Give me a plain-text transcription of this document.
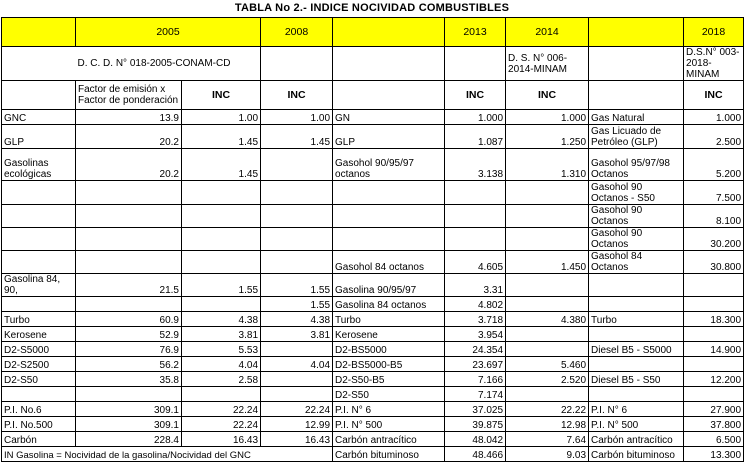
TABLA No 2.- INDICE NOCIVIDAD COMBUSTIBLES
	2005		2008		2013	2014		2018
	D. C. D. N° 018-2005-CONAM-CD					D. S. N° 006-2014-MINAM		D.S.N° 003-2018-MINAM
	Factor de emisión x Factor de ponderación	INC	INC		INC	INC		INC
GNC	13.9	1.00	1.00	GN	1.000	1.000	Gas Natural	1.000
GLP	20.2	1.45	1.45	GLP	1.087	1.250	Gas Licuado de Petróleo (GLP)	2.500
Gasolinas ecológicas	20.2	1.45		Gasohol 90/95/97 octanos	3.138	1.310	Gasohol 95/97/98 Octanos	5.200
							Gasohol 90 Octanos - S50	7.500
							Gasohol 90 Octanos	8.100
							Gasohol 90 Octanos	30.200
				Gasohol 84 octanos	4.605	1.450	Gasohol 84 Octanos	30.800
Gasolina 84, 90,	21.5	1.55	1.55	Gasolina 90/95/97	3.31			
			1.55	Gasolina 84 octanos	4.802			
Turbo	60.9	4.38	4.38	Turbo	3.718	4.380	Turbo	18.300
Kerosene	52.9	3.81	3.81	Kerosene	3.954			
D2-S5000	76.9	5.53		D2-BS5000	24.354		Diesel B5 - S5000	14.900
D2-S2500	56.2	4.04	4.04	D2-BS5000-B5	23.697	5.460		
D2-S50	35.8	2.58		D2-S50-B5	7.166	2.520	Diesel B5 - S50	12.200
				D2-S50	7.174			
P.I. No.6	309.1	22.24	22.24	P.I. N° 6	37.025	22.22	P.I. N° 6	27.900
P.I. No.500	309.1	22.24	12.99	P.I. N° 500	39.875	12.98	P.I. N° 500	37.800
Carbón	228.4	16.43	16.43	Carbón antracítico	48.042	7.64	Carbón antracítico	6.500
IN Gasolina = Nocividad de la gasolina/Nocividad del GNC				Carbón bituminoso	48.466	9.03	Carbón bituminoso	13.300
